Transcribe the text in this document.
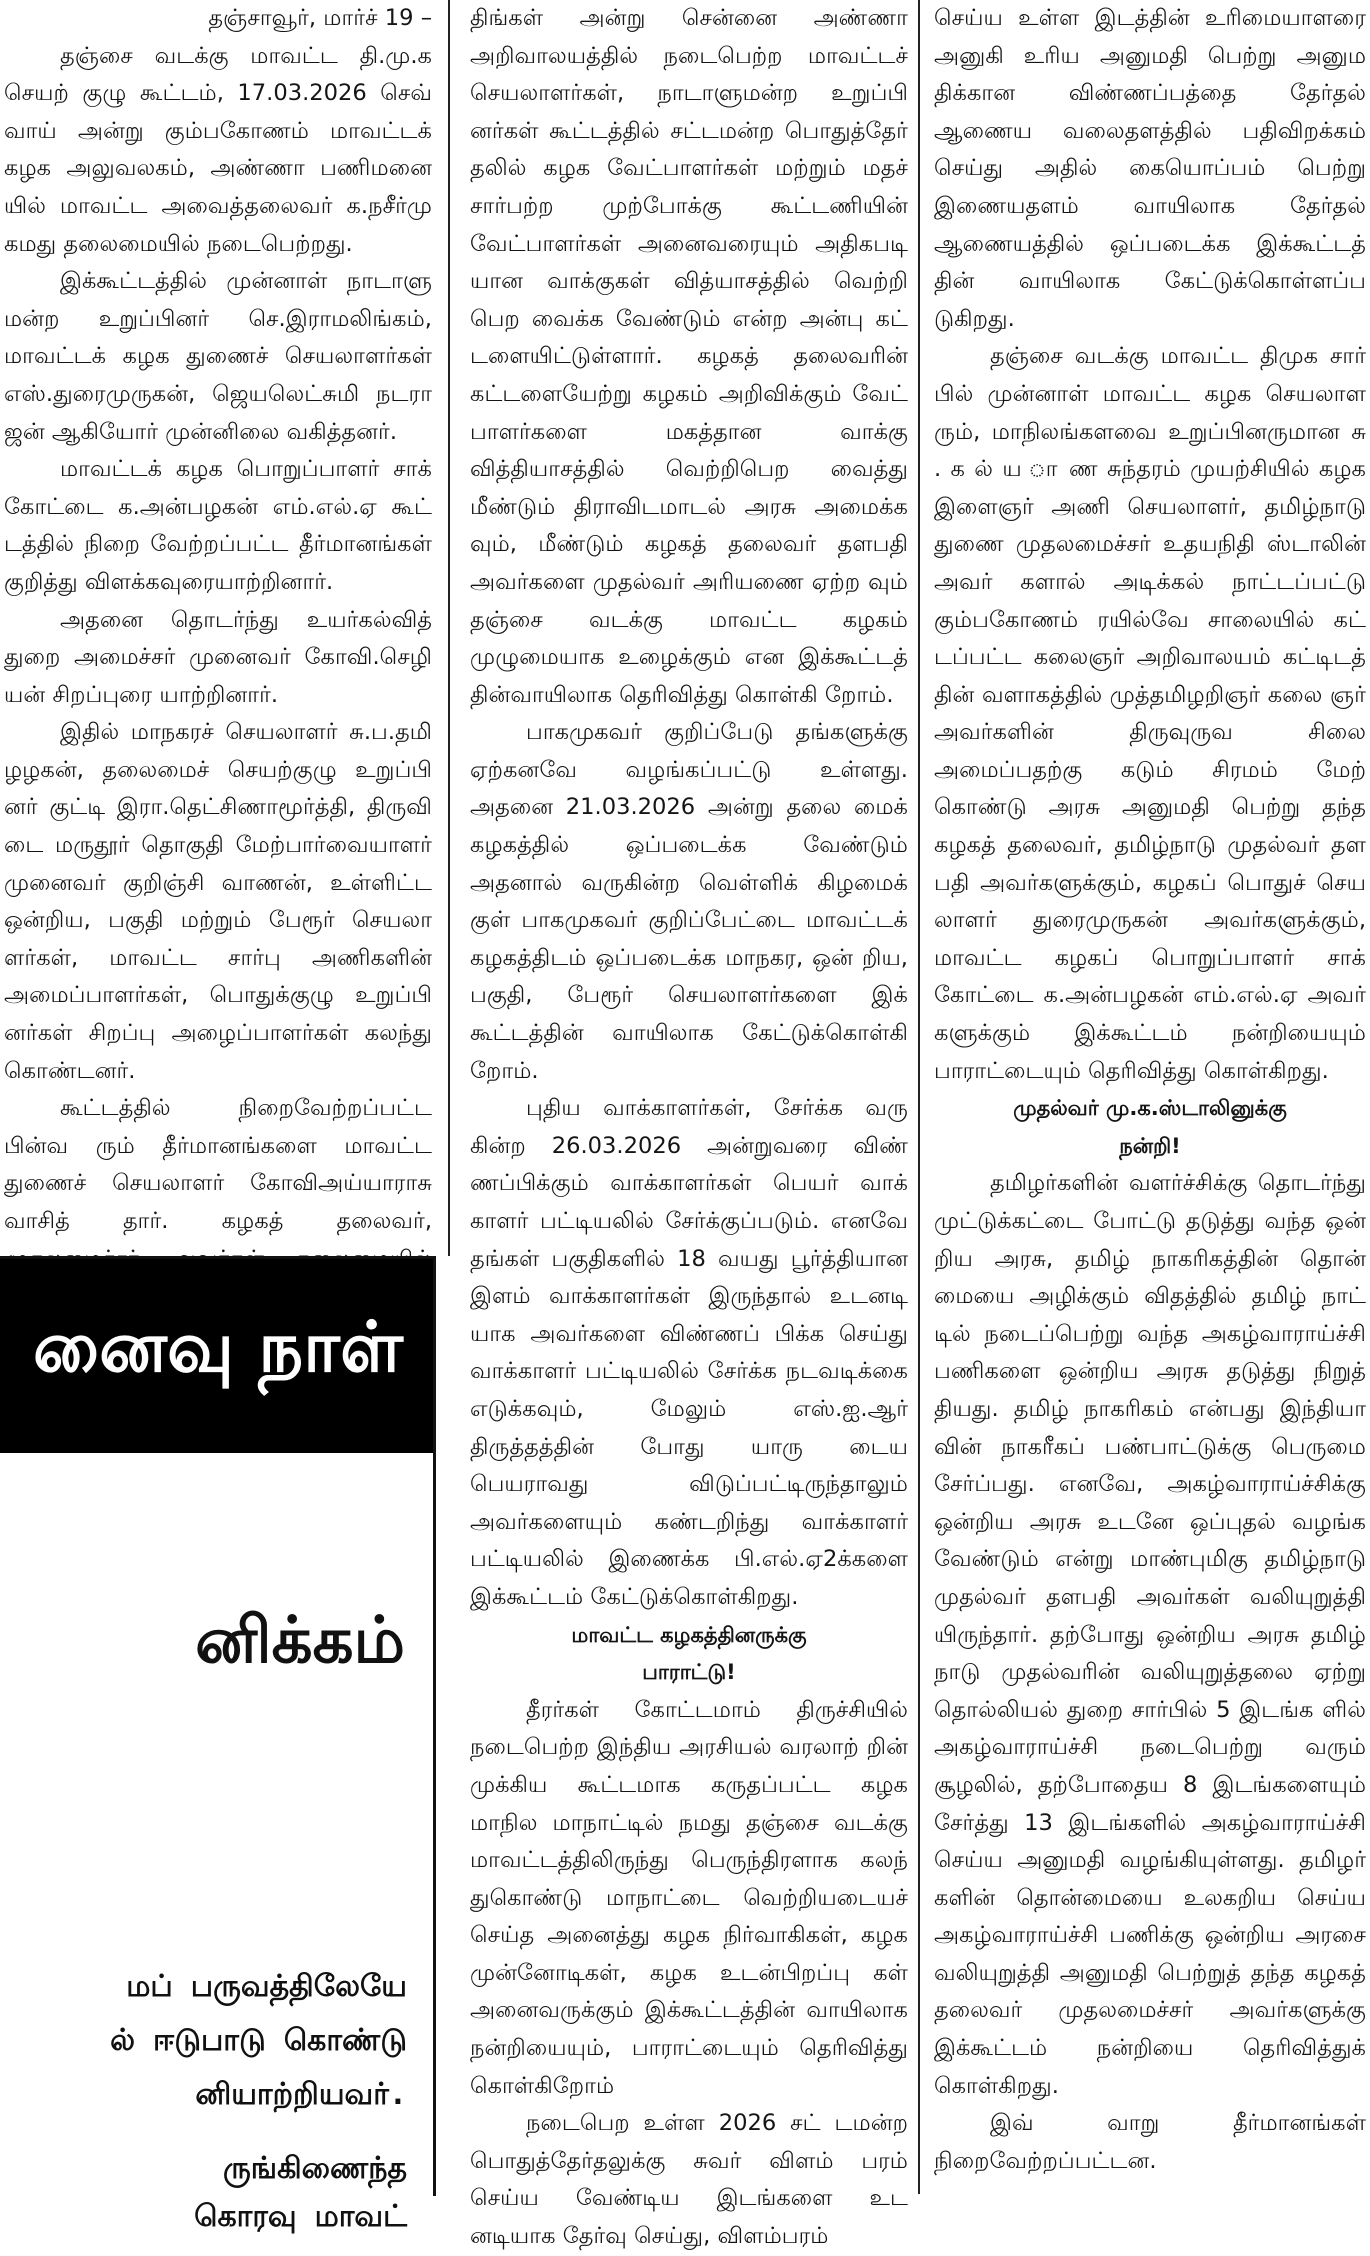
தஞ்சாவூர், மார்ச் 19 –

தஞ்சை வடக்கு மாவட்ட தி.மு.க செயற் குழு கூட்டம், 17.03.2026 செவ் வாய் அன்று கும்பகோணம் மாவட்டக் கழக அலுவலகம், அண்ணா பணிமனை யில் மாவட்ட அவைத்தலைவர் க.நசீர்மு கமது தலைமையில் நடைபெற்றது.

இக்கூட்டத்தில் முன்னாள் நாடாளு மன்ற உறுப்பினர் செ.இராமலிங்கம், மாவட்டக் கழக துணைச் செயலாளர்கள் எஸ்.துரைமுருகன், ஜெயலெட்சுமி நடரா ஜன் ஆகியோர் முன்னிலை வகித்தனர்.

மாவட்டக் கழக பொறுப்பாளர் சாக் கோட்டை க.அன்பழகன் எம்.எல்.ஏ கூட் டத்தில் நிறை வேற்றப்பட்ட தீர்மானங்கள் குறித்து விளக்கவுரையாற்றினார்.

அதனை தொடர்ந்து உயர்கல்வித் துறை அமைச்சர் முனைவர் கோவி.செழி யன் சிறப்புரை யாற்றினார்.

இதில் மாநகரச் செயலாளர் சு.ப.தமி ழழகன், தலைமைச் செயற்குழு உறுப்பி னர் குட்டி இரா.தெட்சிணாமூர்த்தி, திருவி டை மருதூர் தொகுதி மேற்பார்வையாளர் முனைவர் குறிஞ்சி வாணன், உள்ளிட்ட ஒன்றிய, பகுதி மற்றும் பேரூர் செயலா ளர்கள், மாவட்ட சார்பு அணிகளின் அமைப்பாளர்கள், பொதுக்குழு உறுப்பி னர்கள் சிறப்பு அழைப்பாளர்கள் கலந்து கொண்டனர்.

கூட்டத்தில் நிறைவேற்றப்பட்ட பின்வ ரும் தீர்மானங்களை மாவட்ட துணைச் செயலாளர் கோவிஅய்யாராசு வாசித் தார். கழகத் தலைவர்,

னைவு நாள்
னிக்கம்
மப் பருவத்திலேயே
ல் ஈடுபாடு கொண்டு
னியாற்றியவர்.
ருங்கிணைந்த
கொரவு மாவட்

திங்கள் அன்று சென்னை அண்ணா அறிவாலயத்தில் நடைபெற்ற மாவட்டச் செயலாளர்கள், நாடாளுமன்ற உறுப்பி னர்கள் கூட்டத்தில் சட்டமன்ற பொதுத்தேர் தலில் கழக வேட்பாளர்கள் மற்றும் மதச் சார்பற்ற முற்போக்கு கூட்டணியின் வேட்பாளர்கள் அனைவரையும் அதிகபடி யான வாக்குகள் வித்யாசத்தில் வெற்றி பெற வைக்க வேண்டும் என்ற அன்பு கட் டளையிட்டுள்ளார். கழகத் தலைவரின் கட்டளையேற்று கழகம் அறிவிக்கும் வேட் பாளர்களை மகத்தான வாக்கு வித்தியாசத்தில் வெற்றிபெற வைத்து மீண்டும் திராவிடமாடல் அரசு அமைக்க வும், மீண்டும் கழகத் தலைவர் தளபதி அவர்களை முதல்வர் அரியணை ஏற்ற வும் தஞ்சை வடக்கு மாவட்ட கழகம் முழுமையாக உழைக்கும் என இக்கூட்டத் தின்வாயிலாக தெரிவித்து கொள்கி றோம்.

பாகமுகவர் குறிப்பேடு தங்களுக்கு ஏற்கனவே வழங்கப்பட்டு உள்ளது. அதனை 21.03.2026 அன்று தலை மைக் கழகத்தில் ஒப்படைக்க வேண்டும் அதனால் வருகின்ற வெள்ளிக் கிழமைக் குள் பாகமுகவர் குறிப்பேட்டை மாவட்டக் கழகத்திடம் ஒப்படைக்க மாநகர, ஒன் றிய, பகுதி, பேரூர் செயலாளர்களை இக் கூட்டத்தின் வாயிலாக கேட்டுக்கொள்கி றோம்.

புதிய வாக்காளர்கள், சேர்க்க வரு கின்ற 26.03.2026 அன்றுவரை விண் ணப்பிக்கும் வாக்காளர்கள் பெயர் வாக் காளர் பட்டியலில் சேர்க்குப்படும். எனவே தங்கள் பகுதிகளில் 18 வயது பூர்த்தியான இளம் வாக்காளர்கள் இருந்தால் உடனடி யாக அவர்களை விண்ணப் பிக்க செய்து வாக்காளர் பட்டியலில் சேர்க்க நடவடிக்கை எடுக்கவும், மேலும் எஸ்.ஐ.ஆர் திருத்தத்தின் போது யாரு டைய பெயராவது விடுப்பட்டிருந்தாலும் அவர்களையும் கண்டறிந்து வாக்காளர் பட்டியலில் இணைக்க பி.எல்.ஏ2க்களை இக்கூட்டம் கேட்டுக்கொள்கிறது.

மாவட்ட கழகத்தினருக்கு

பாராட்டு!

தீரர்கள் கோட்டமாம் திருச்சியில் நடைபெற்ற இந்திய அரசியல் வரலாற் றின் முக்கிய கூட்டமாக கருதப்பட்ட கழக மாநில மாநாட்டில் நமது தஞ்சை வடக்கு மாவட்டத்திலிருந்து பெருந்திரளாக கலந் துகொண்டு மாநாட்டை வெற்றியடையச் செய்த அனைத்து கழக நிர்வாகிகள், கழக முன்னோடிகள், கழக உடன்பிறப்பு கள் அனைவருக்கும் இக்கூட்டத்தின் வாயிலாக நன்றியையும், பாராட்டையும் தெரிவித்து கொள்கிறோம்

நடைபெற உள்ள 2026 சட் டமன்ற பொதுத்தேர்தலுக்கு சுவர் விளம் பரம் செய்ய வேண்டிய இடங்களை உட னடியாக தேர்வு செய்து, விளம்பரம்

செய்ய உள்ள இடத்தின் உரிமையாளரை அனுகி உரிய அனுமதி பெற்று அனும திக்கான விண்ணப்பத்தை தேர்தல் ஆணைய வலைதளத்தில் பதிவிறக்கம் செய்து அதில் கையொப்பம் பெற்று இணையதளம் வாயிலாக தேர்தல் ஆணையத்தில் ஒப்படைக்க இக்கூட்டத் தின் வாயிலாக கேட்டுக்கொள்ளப்ப டுகிறது.

தஞ்சை வடக்கு மாவட்ட திமுக சார் பில் முன்னாள் மாவட்ட கழக செயலாள ரும், மாநிலங்களவை உறுப்பினருமான சு . க ல் ய ா ண சுந்தரம் முயற்சியில் கழக இளைஞர் அணி செயலாளர், தமிழ்நாடு துணை முதலமைச்சர் உதயநிதி ஸ்டாலின் அவர் களால் அடிக்கல் நாட்டப்பட்டு கும்பகோணம் ரயில்வே சாலையில் கட் டப்பட்ட கலைஞர் அறிவாலயம் கட்டிடத் தின் வளாகத்தில் முத்தமிழறிஞர் கலை ஞர் அவர்களின் திருவுருவ சிலை அமைப்பதற்கு கடும் சிரமம் மேற் கொண்டு அரசு அனுமதி பெற்று தந்த கழகத் தலைவர், தமிழ்நாடு முதல்வர் தள பதி அவர்களுக்கும், கழகப் பொதுச் செய லாளர் துரைமுருகன் அவர்களுக்கும், மாவட்ட கழகப் பொறுப்பாளர் சாக் கோட்டை க.அன்பழகன் எம்.எல்.ஏ அவர் களுக்கும் இக்கூட்டம் நன்றியையும் பாராட்டையும் தெரிவித்து கொள்கிறது.

முதல்வர் மு.க.ஸ்டாலினுக்கு

நன்றி!

தமிழர்களின் வளர்ச்சிக்கு தொடர்ந்து முட்டுக்கட்டை போட்டு தடுத்து வந்த ஒன் றிய அரசு, தமிழ் நாகரிகத்தின் தொன் மையை அழிக்கும் விதத்தில் தமிழ் நாட் டில் நடைப்பெற்று வந்த அகழ்வாராய்ச்சி பணிகளை ஒன்றிய அரசு தடுத்து நிறுத் தியது. தமிழ் நாகரிகம் என்பது இந்தியா வின் நாகரீகப் பண்பாட்டுக்கு பெருமை சேர்ப்பது. எனவே, அகழ்வாராய்ச்சிக்கு ஒன்றிய அரசு உடனே ஒப்புதல் வழங்க வேண்டும் என்று மாண்புமிகு தமிழ்நாடு முதல்வர் தளபதி அவர்கள் வலியுறுத்தி யிருந்தார். தற்போது ஒன்றிய அரசு தமிழ் நாடு முதல்வரின் வலியுறுத்தலை ஏற்று தொல்லியல் துறை சார்பில் 5 இடங்க ளில் அகழ்வாராய்ச்சி நடைபெற்று வரும் சூழலில், தற்போதைய 8 இடங்களையும் சேர்த்து 13 இடங்களில் அகழ்வாராய்ச்சி செய்ய அனுமதி வழங்கியுள்ளது. தமிழர் களின் தொன்மையை உலகறிய செய்ய அகழ்வாராய்ச்சி பணிக்கு ஒன்றிய அரசை வலியுறுத்தி அனுமதி பெற்றுத் தந்த கழகத் தலைவர் முதலமைச்சர் அவர்களுக்கு இக்கூட்டம் நன்றியை தெரிவித்துக் கொள்கிறது.

இவ் வாறு தீர்மானங்கள் நிறைவேற்றப்பட்டன.
